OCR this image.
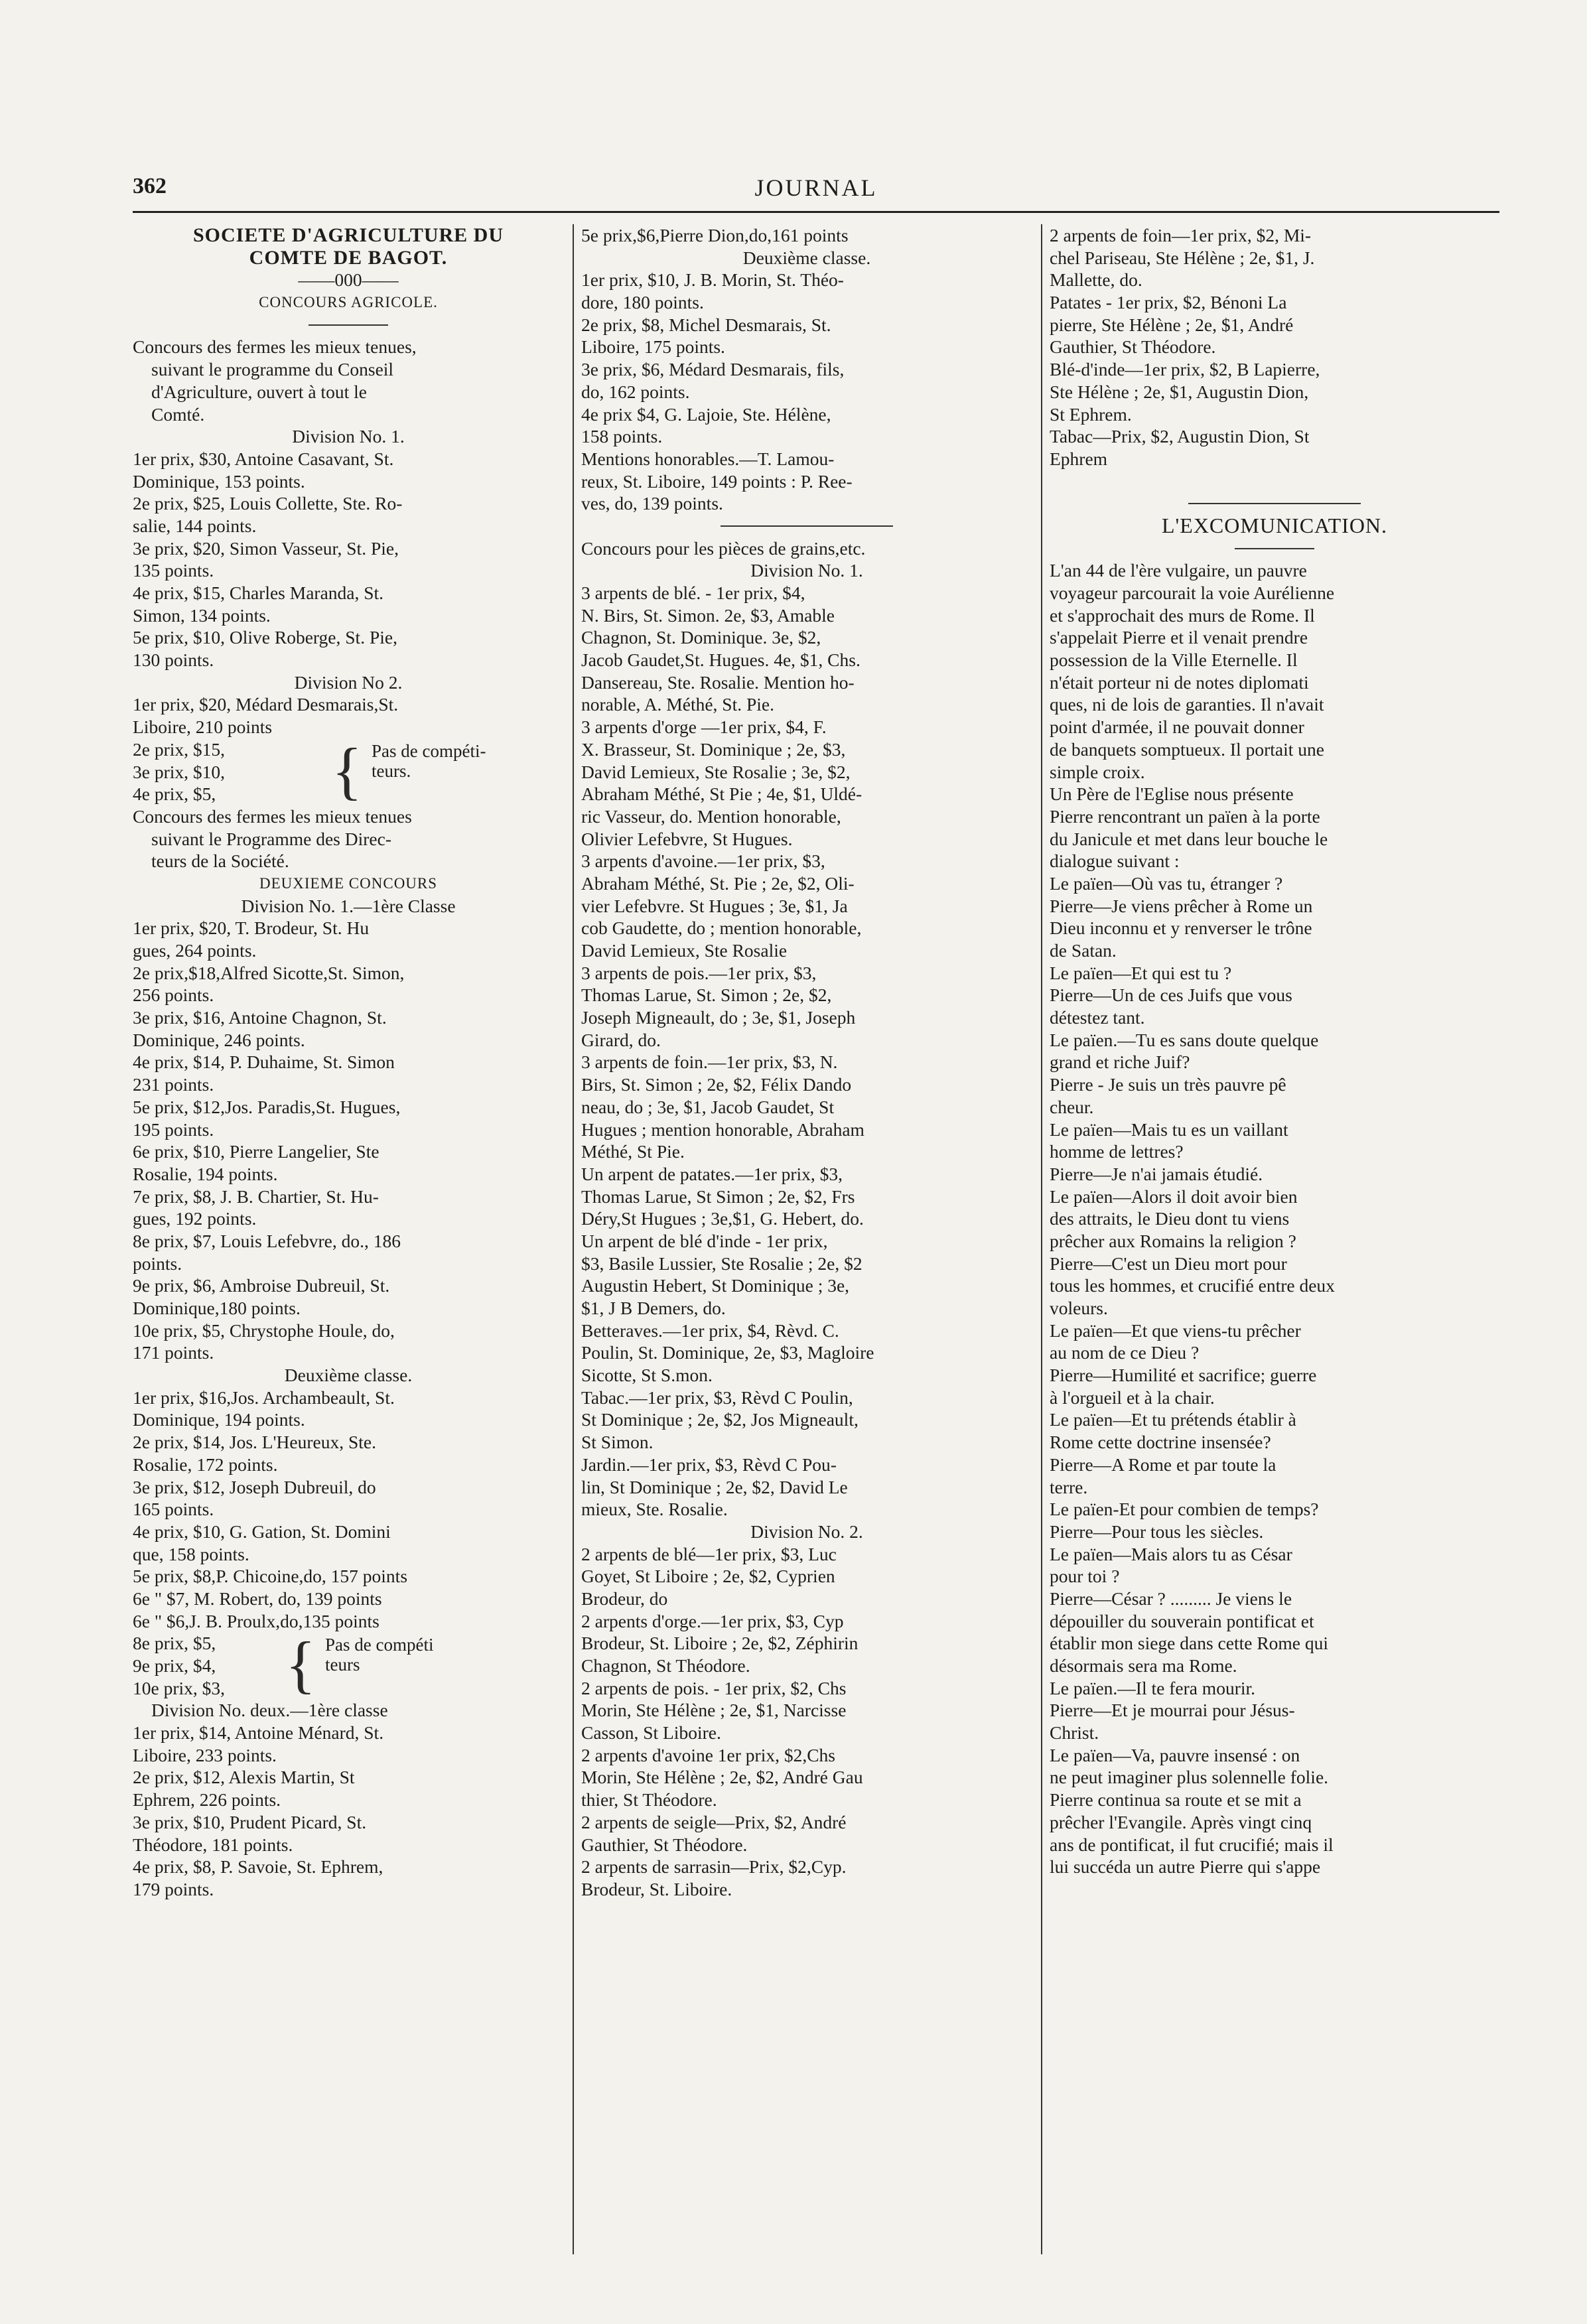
362	JOURNAL
SOCIETE D'AGRICULTURE DU
COMTE DE BAGOT.
——000——
CONCOURS AGRICOLE.
Concours des fermes les mieux tenues,
suivant le programme du Conseil
d'Agriculture, ouvert à tout le
Comté.
Division No. 1.
1er prix, $30, Antoine Casavant, St.
Dominique, 153 points.
2e prix, $25, Louis Collette, Ste. Ro-
salie, 144 points.
3e prix, $20, Simon Vasseur, St. Pie,
135 points.
4e prix, $15, Charles Maranda, St.
Simon, 134 points.
5e prix, $10, Olive Roberge, St. Pie,
130 points.
Division No 2.
1er prix, $20, Médard Desmarais,St.
Liboire, 210 points
{ Pas de compéti- teurs.
2e prix, $15,
3e prix, $10,
4e prix, $5,
Concours des fermes les mieux tenues
suivant le Programme des Direc-
teurs de la Société.
DEUXIEME CONCOURS
Division No. 1.—1ère Classe
1er prix, $20, T. Brodeur, St. Hu
gues, 264 points.
2e prix,$18,Alfred Sicotte,St. Simon,
256 points.
3e prix, $16, Antoine Chagnon, St.
Dominique, 246 points.
4e prix, $14, P. Duhaime, St. Simon
231 points.
5e prix, $12,Jos. Paradis,St. Hugues,
195 points.
6e prix, $10, Pierre Langelier, Ste
Rosalie, 194 points.
7e prix, $8, J. B. Chartier, St. Hu-
gues, 192 points.
8e prix, $7, Louis Lefebvre, do., 186
points.
9e prix, $6, Ambroise Dubreuil, St.
Dominique,180 points.
10e prix, $5, Chrystophe Houle, do,
171 points.
Deuxième classe.
1er prix, $16,Jos. Archambeault, St.
Dominique, 194 points.
2e prix, $14, Jos. L'Heureux, Ste.
Rosalie, 172 points.
3e prix, $12, Joseph Dubreuil, do
165 points.
4e prix, $10, G. Gation, St. Domini
que, 158 points.
5e prix, $8,P. Chicoine,do, 157 points
6e " $7, M. Robert, do, 139 points
6e " $6,J. B. Proulx,do,135 points
{ Pas de compéti teurs
8e prix, $5,
9e prix, $4,
10e prix, $3,
Division No. deux.—1ère classe
1er prix, $14, Antoine Ménard, St.
Liboire, 233 points.
2e prix, $12, Alexis Martin, St
Ephrem, 226 points.
3e prix, $10, Prudent Picard, St.
Théodore, 181 points.
4e prix, $8, P. Savoie, St. Ephrem,
179 points.
5e prix,$6,Pierre Dion,do,161 points
Deuxième classe.
1er prix, $10, J. B. Morin, St. Théo-
dore, 180 points.
2e prix, $8, Michel Desmarais, St.
Liboire, 175 points.
3e prix, $6, Médard Desmarais, fils,
do, 162 points.
4e prix $4, G. Lajoie, Ste. Hélène,
158 points.
Mentions honorables.—T. Lamou-
reux, St. Liboire, 149 points : P. Ree-
ves, do, 139 points.
Concours pour les pièces de grains,etc.
Division No. 1.
3 arpents de blé. - 1er prix, $4,
N. Birs, St. Simon. 2e, $3, Amable
Chagnon, St. Dominique. 3e, $2,
Jacob Gaudet,St. Hugues. 4e, $1, Chs.
Dansereau, Ste. Rosalie. Mention ho-
norable, A. Méthé, St. Pie.
3 arpents d'orge —1er prix, $4, F.
X. Brasseur, St. Dominique ; 2e, $3,
David Lemieux, Ste Rosalie ; 3e, $2,
Abraham Méthé, St Pie ; 4e, $1, Uldé-
ric Vasseur, do. Mention honorable,
Olivier Lefebvre, St Hugues.
3 arpents d'avoine.—1er prix, $3,
Abraham Méthé, St. Pie ; 2e, $2, Oli-
vier Lefebvre. St Hugues ; 3e, $1, Ja
cob Gaudette, do ; mention honorable,
David Lemieux, Ste Rosalie
3 arpents de pois.—1er prix, $3,
Thomas Larue, St. Simon ; 2e, $2,
Joseph Migneault, do ; 3e, $1, Joseph
Girard, do.
3 arpents de foin.—1er prix, $3, N.
Birs, St. Simon ; 2e, $2, Félix Dando
neau, do ; 3e, $1, Jacob Gaudet, St
Hugues ; mention honorable, Abraham
Méthé, St Pie.
Un arpent de patates.—1er prix, $3,
Thomas Larue, St Simon ; 2e, $2, Frs
Déry,St Hugues ; 3e,$1, G. Hebert, do.
Un arpent de blé d'inde - 1er prix,
$3, Basile Lussier, Ste Rosalie ; 2e, $2
Augustin Hebert, St Dominique ; 3e,
$1, J B Demers, do.
Betteraves.—1er prix, $4, Rèvd. C.
Poulin, St. Dominique, 2e, $3, Magloire
Sicotte, St S.mon.
Tabac.—1er prix, $3, Rèvd C Poulin,
St Dominique ; 2e, $2, Jos Migneault,
St Simon.
Jardin.—1er prix, $3, Rèvd C Pou-
lin, St Dominique ; 2e, $2, David Le
mieux, Ste. Rosalie.
Division No. 2.
2 arpents de blé—1er prix, $3, Luc
Goyet, St Liboire ; 2e, $2, Cyprien
Brodeur, do
2 arpents d'orge.—1er prix, $3, Cyp
Brodeur, St. Liboire ; 2e, $2, Zéphirin
Chagnon, St Théodore.
2 arpents de pois. - 1er prix, $2, Chs
Morin, Ste Hélène ; 2e, $1, Narcisse
Casson, St Liboire.
2 arpents d'avoine 1er prix, $2,Chs
Morin, Ste Hélène ; 2e, $2, André Gau
thier, St Théodore.
2 arpents de seigle—Prix, $2, André
Gauthier, St Théodore.
2 arpents de sarrasin—Prix, $2,Cyp.
Brodeur, St. Liboire.
2 arpents de foin—1er prix, $2, Mi-
chel Pariseau, Ste Hélène ; 2e, $1, J.
Mallette, do.
Patates - 1er prix, $2, Bénoni La
pierre, Ste Hélène ; 2e, $1, André
Gauthier, St Théodore.
Blé-d'inde—1er prix, $2, B Lapierre,
Ste Hélène ; 2e, $1, Augustin Dion,
St Ephrem.
Tabac—Prix, $2, Augustin Dion, St
Ephrem
L'EXCOMUNICATION.
L'an 44 de l'ère vulgaire, un pauvre
voyageur parcourait la voie Aurélienne
et s'approchait des murs de Rome. Il
s'appelait Pierre et il venait prendre
possession de la Ville Eternelle. Il
n'était porteur ni de notes diplomati
ques, ni de lois de garanties. Il n'avait
point d'armée, il ne pouvait donner
de banquets somptueux. Il portait une
simple croix.
Un Père de l'Eglise nous présente
Pierre rencontrant un païen à la porte
du Janicule et met dans leur bouche le
dialogue suivant :
Le païen—Où vas tu, étranger ?
Pierre—Je viens prêcher à Rome un
Dieu inconnu et y renverser le trône
de Satan.
Le païen—Et qui est tu ?
Pierre—Un de ces Juifs que vous
détestez tant.
Le païen.—Tu es sans doute quelque
grand et riche Juif?
Pierre - Je suis un très pauvre pê
cheur.
Le païen—Mais tu es un vaillant
homme de lettres?
Pierre—Je n'ai jamais étudié.
Le païen—Alors il doit avoir bien
des attraits, le Dieu dont tu viens
prêcher aux Romains la religion ?
Pierre—C'est un Dieu mort pour
tous les hommes, et crucifié entre deux
voleurs.
Le païen—Et que viens-tu prêcher
au nom de ce Dieu ?
Pierre—Humilité et sacrifice; guerre
à l'orgueil et à la chair.
Le païen—Et tu prétends établir à
Rome cette doctrine insensée?
Pierre—A Rome et par toute la
terre.
Le païen-Et pour combien de temps?
Pierre—Pour tous les siècles.
Le païen—Mais alors tu as César
pour toi ?
Pierre—César ? ......... Je viens le
dépouiller du souverain pontificat et
établir mon siege dans cette Rome qui
désormais sera ma Rome.
Le païen.—Il te fera mourir.
Pierre—Et je mourrai pour Jésus-
Christ.
Le païen—Va, pauvre insensé : on
ne peut imaginer plus solennelle folie.
Pierre continua sa route et se mit a
prêcher l'Evangile. Après vingt cinq
ans de pontificat, il fut crucifié; mais il
lui succéda un autre Pierre qui s'appe
